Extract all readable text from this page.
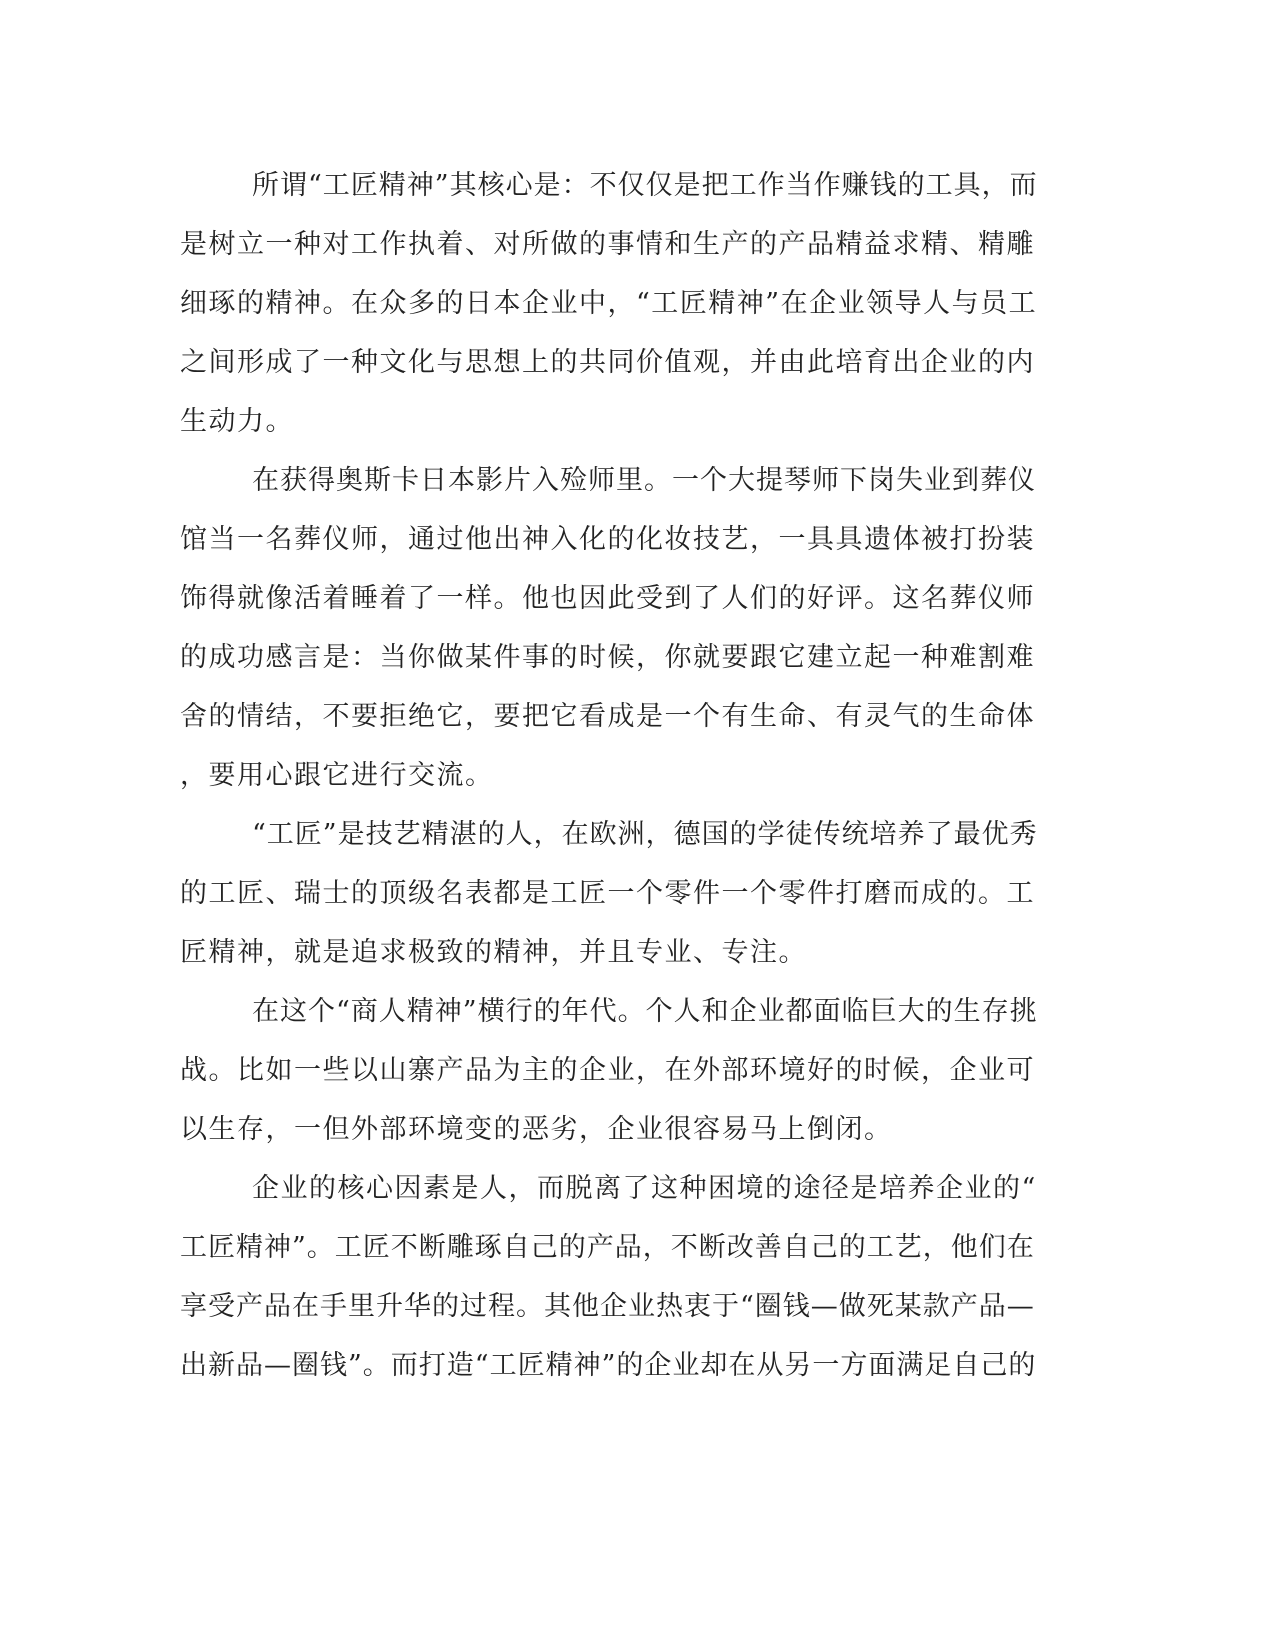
所谓“工匠精神”其核心是：不仅仅是把工作当作赚钱的工具，而
是树立一种对工作执着、对所做的事情和生产的产品精益求精、精雕
细琢的精神。在众多的日本企业中，“工匠精神”在企业领导人与员工
之间形成了一种文化与思想上的共同价值观，并由此培育出企业的内
生动力。
在获得奥斯卡日本影片入殓师里。一个大提琴师下岗失业到葬仪
馆当一名葬仪师，通过他出神入化的化妆技艺，一具具遗体被打扮装
饰得就像活着睡着了一样。他也因此受到了人们的好评。这名葬仪师
的成功感言是：当你做某件事的时候，你就要跟它建立起一种难割难
舍的情结，不要拒绝它，要把它看成是一个有生命、有灵气的生命体
，要用心跟它进行交流。
“工匠”是技艺精湛的人，在欧洲，德国的学徒传统培养了最优秀
的工匠、瑞士的顶级名表都是工匠一个零件一个零件打磨而成的。工
匠精神，就是追求极致的精神，并且专业、专注。
在这个“商人精神”横行的年代。个人和企业都面临巨大的生存挑
战。比如一些以山寨产品为主的企业，在外部环境好的时候，企业可
以生存，一但外部环境变的恶劣，企业很容易马上倒闭。
企业的核心因素是人，而脱离了这种困境的途径是培养企业的“
工匠精神”。工匠不断雕琢自己的产品，不断改善自己的工艺，他们在
享受产品在手里升华的过程。其他企业热衷于“圈钱—做死某款产品—
出新品—圈钱”。而打造“工匠精神”的企业却在从另一方面满足自己的
